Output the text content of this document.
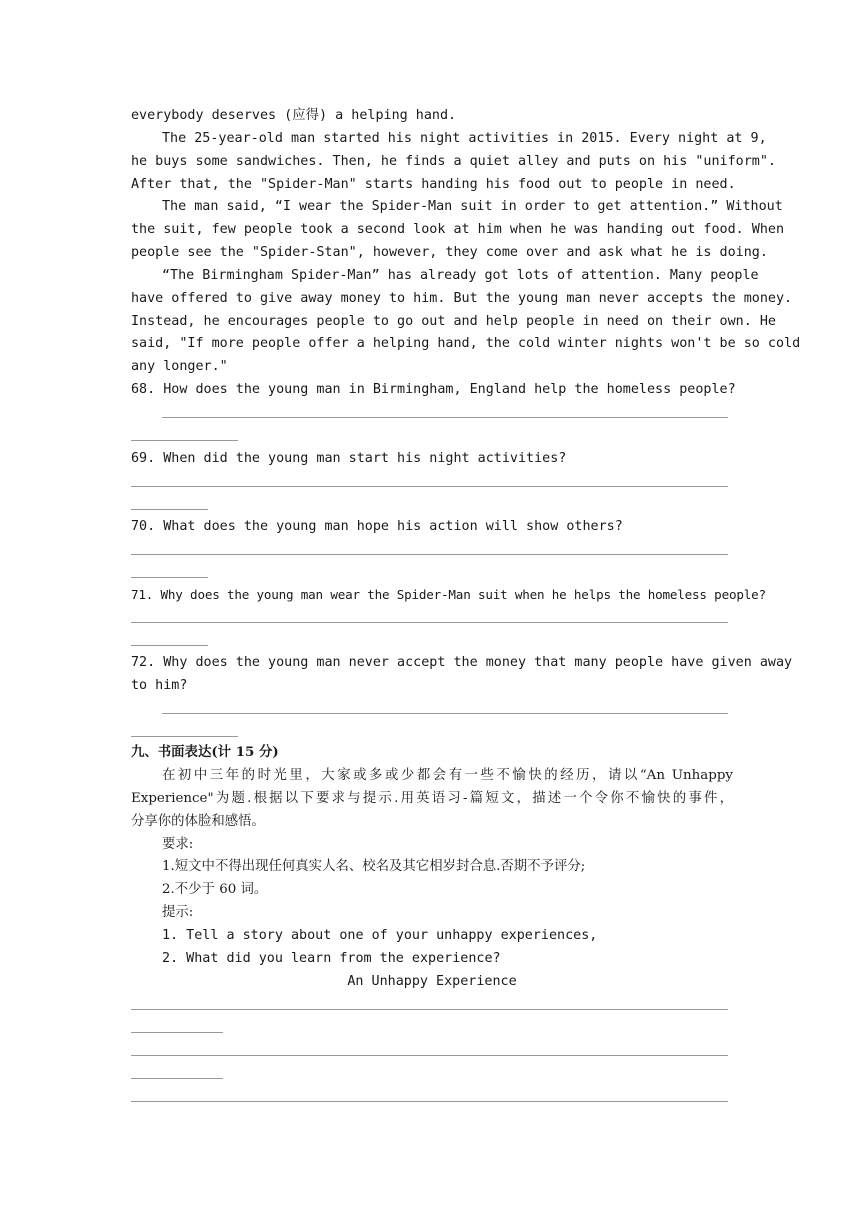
everybody deserves (应得) a helping hand.
The 25-year-old man started his night activities in 2015. Every night at 9,
he buys some sandwiches. Then, he finds a quiet alley and puts on his "uniform".
After that, the "Spider-Man" starts handing his food out to people in need.
The man said, “I wear the Spider-Man suit in order to get attention.” Without
the suit, few people took a second look at him when he was handing out food. When
people see the "Spider-Stan", however, they come over and ask what he is doing.
“The Birmingham Spider-Man” has already got lots of attention. Many people
have offered to give away money to him. But the young man never accepts the money.
Instead, he encourages people to go out and help people in need on their own. He
said, "If more people offer a helping hand, the cold winter nights won't be so cold
any longer."
68. How does the young man in Birmingham, England help the homeless people?
69. When did the young man start his night activities?
70. What does the young man hope his action will show others?
71. Why does the young man wear the Spider-Man suit when he helps the homeless people?
72. Why does the young man never accept the money that many people have given away
to him?
九、书面表达(计 15 分)
在初中三年的时光里，大家或多或少都会有一些不愉快的经历，请以“An Unhappy
Experience"为题.根据以下要求与提示.用英语习-篇短文，描述一个令你不愉快的事件，
分享你的体脸和感悟。
要求:
1.短文中不得出现任何真实人名、校名及其它相岁封合息.否期不予评分;
2.不少于 60 词。
提示:
1. Tell a story about one of your unhappy experiences,
2. What did you learn from the experience?
An Unhappy Experience
